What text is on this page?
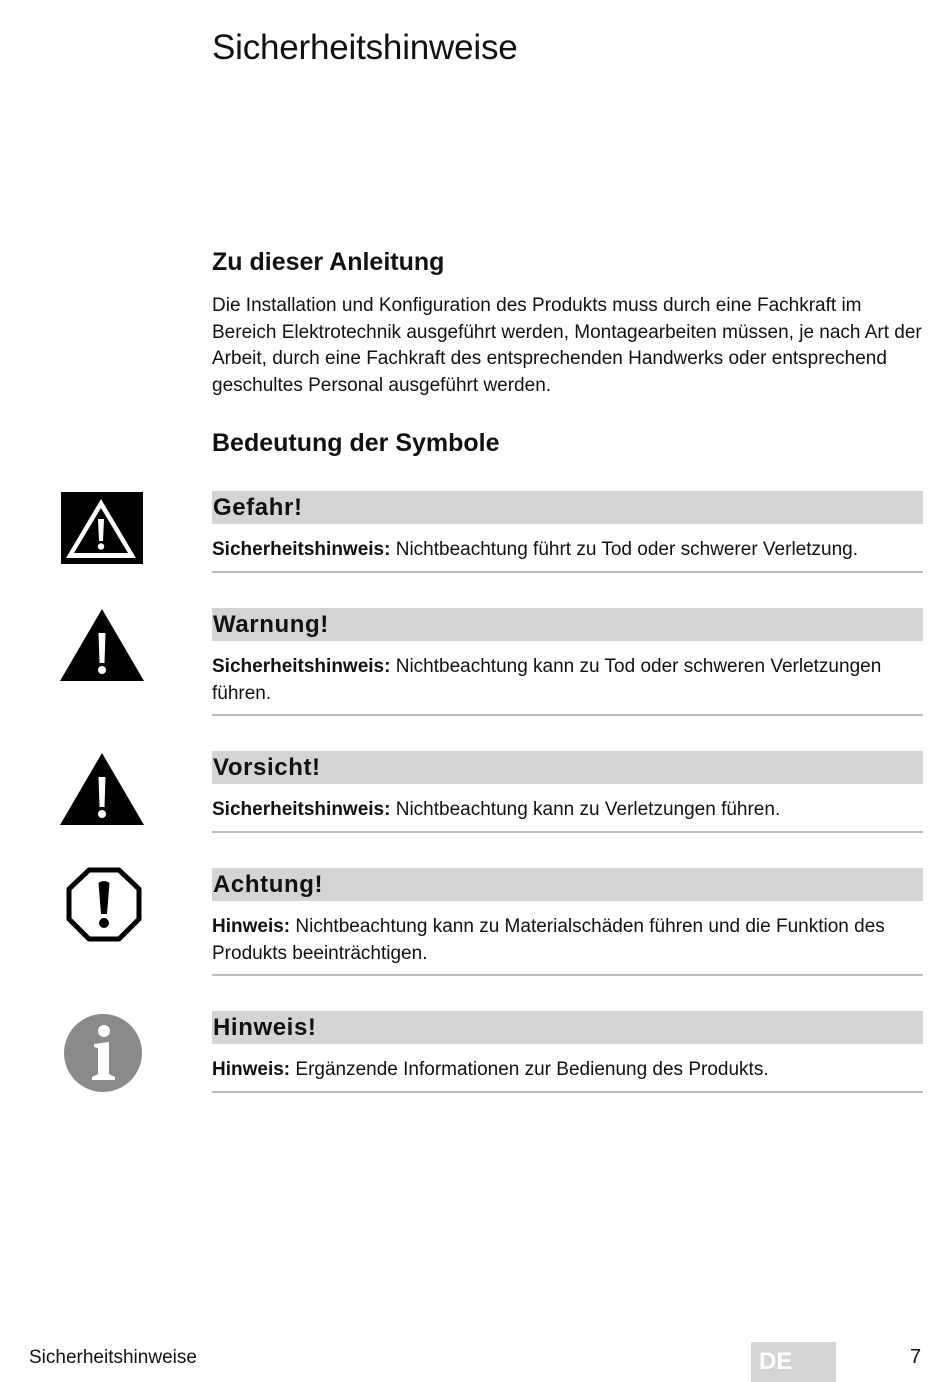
Sicherheitshinweise
Zu dieser Anleitung

Die Installation und Konfiguration des Produkts muss durch eine Fachkraft im Bereich Elektrotechnik ausgeführt werden, Montagearbeiten müssen, je nach Art der Arbeit, durch eine Fachkraft des entsprechenden Handwerks oder entsprechend geschultes Personal ausgeführt werden.

Bedeutung der Symbole
Gefahr!

Sicherheitshinweis: Nichtbeachtung führt zu Tod oder schwerer Verletzung.

Warnung!

Sicherheitshinweis: Nichtbeachtung kann zu Tod oder schweren Verletzungen führen.

Vorsicht!

Sicherheitshinweis: Nichtbeachtung kann zu Verletzungen führen.

Achtung!

Hinweis: Nichtbeachtung kann zu Materialschäden führen und die Funktion des Produkts beeinträchtigen.

Hinweis!

Hinweis: Ergänzende Informationen zur Bedienung des Produkts.

Sicherheitshinweise	DE	7
